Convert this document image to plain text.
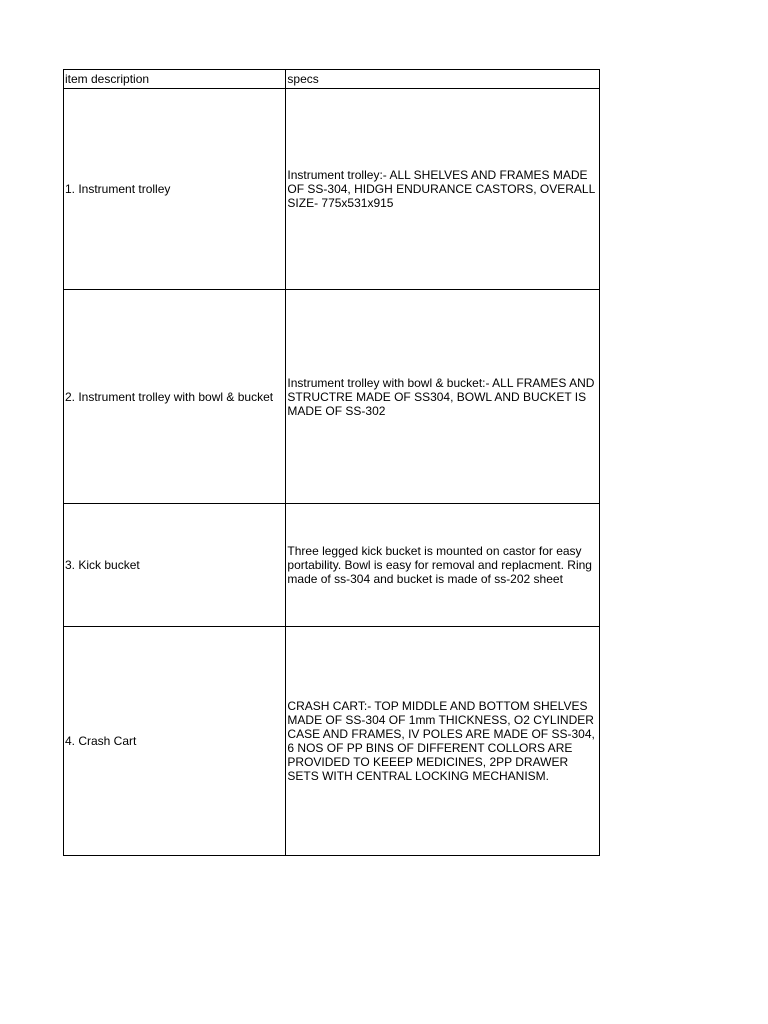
item description	specs
1. Instrument trolley	Instrument trolley:- ALL SHELVES AND FRAMES MADE OF SS-304, HIDGH ENDURANCE CASTORS, OVERALL SIZE- 775x531x915
2. Instrument trolley with bowl & bucket	Instrument trolley with bowl & bucket:- ALL FRAMES AND STRUCTRE MADE OF SS304, BOWL AND BUCKET IS MADE OF SS-302
3. Kick bucket	Three legged kick bucket is mounted on castor for easy portability. Bowl is easy for removal and replacment. Ring made of ss-304 and bucket is made of ss-202 sheet
4. Crash Cart	CRASH CART:- TOP MIDDLE AND BOTTOM SHELVES MADE OF SS-304 OF 1mm THICKNESS, O2 CYLINDER CASE AND FRAMES, IV POLES ARE MADE OF SS-304, 6 NOS OF PP BINS OF DIFFERENT COLLORS ARE PROVIDED TO KEEEP MEDICINES, 2PP DRAWER SETS WITH CENTRAL LOCKING MECHANISM.
